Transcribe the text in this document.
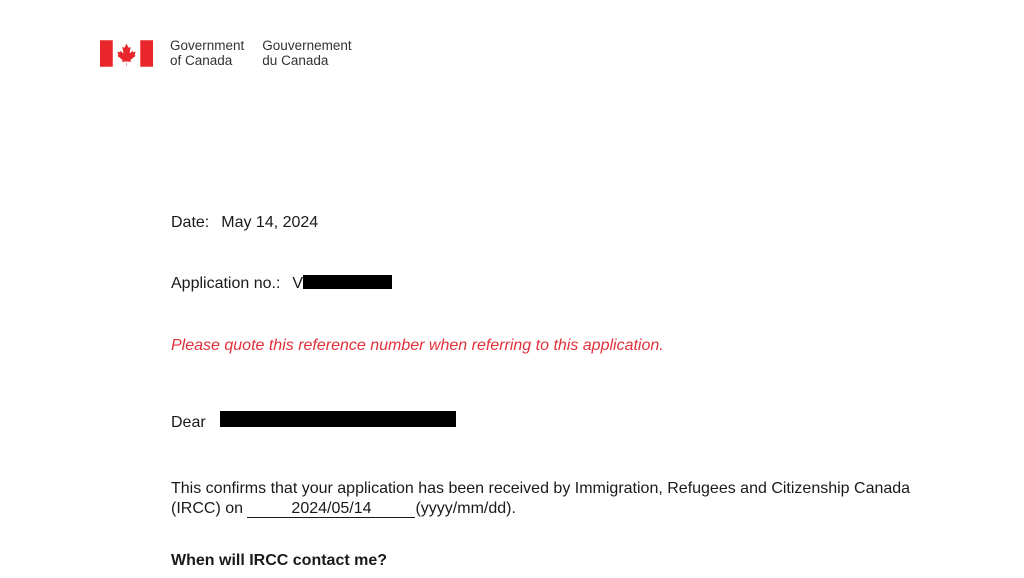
Government
of Canada
Gouvernement
du Canada
Date: May 14, 2024
Application no.: V
Please quote this reference number when referring to this application.
Dear
This confirms that your application has been received by Immigration, Refugees and Citizenship Canada (IRCC) on	2024/05/14	(yyyy/mm/dd).
When will IRCC contact me?
